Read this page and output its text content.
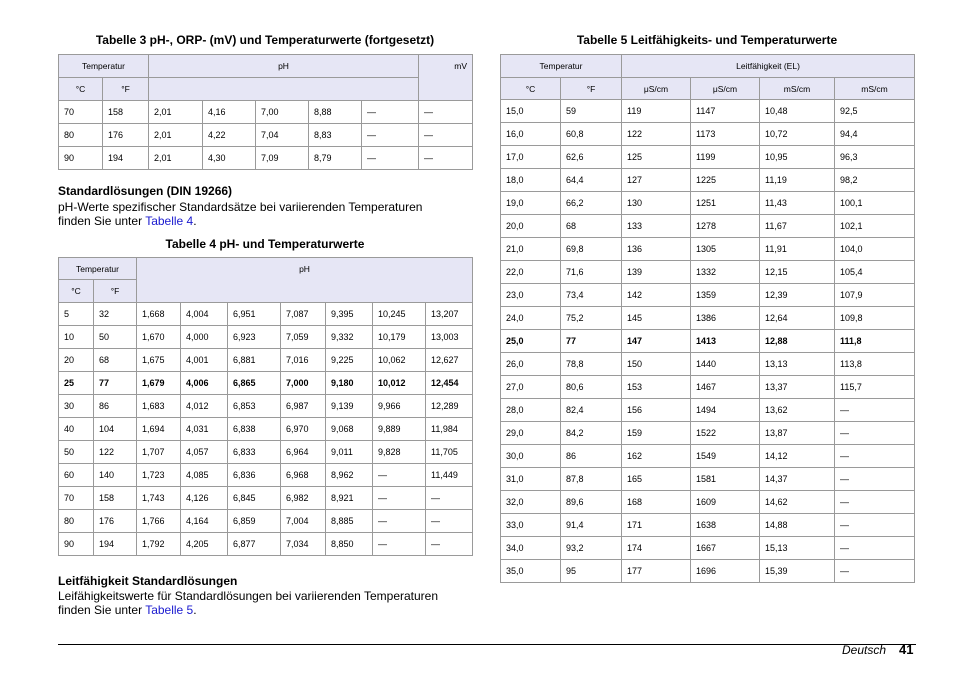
Tabelle 3 pH-, ORP- (mV) und Temperaturwerte (fortgesetzt)
Temperatur		pH					mV
°C	°F						
70	158	2,01	4,16	7,00	8,88	—	—
80	176	2,01	4,22	7,04	8,83	—	—
90	194	2,01	4,30	7,09	8,79	—	—
Standardlösungen (DIN 19266)
pH-Werte spezifischer Standardsätze bei variierenden Temperaturen
finden Sie unter Tabelle 4.
Tabelle 4 pH- und Temperaturwerte
Temperatur		pH						
°C	°F							
5	32	1,668	4,004	6,951	7,087	9,395	10,245	13,207
10	50	1,670	4,000	6,923	7,059	9,332	10,179	13,003
20	68	1,675	4,001	6,881	7,016	9,225	10,062	12,627
25	77	1,679	4,006	6,865	7,000	9,180	10,012	12,454
30	86	1,683	4,012	6,853	6,987	9,139	9,966	12,289
40	104	1,694	4,031	6,838	6,970	9,068	9,889	11,984
50	122	1,707	4,057	6,833	6,964	9,011	9,828	11,705
60	140	1,723	4,085	6,836	6,968	8,962	—	11,449
70	158	1,743	4,126	6,845	6,982	8,921	—	—
80	176	1,766	4,164	6,859	7,004	8,885	—	—
90	194	1,792	4,205	6,877	7,034	8,850	—	—
Leitfähigkeit Standardlösungen
Leifähigkeitswerte für Standardlösungen bei variierenden Temperaturen
finden Sie unter Tabelle 5.
Tabelle 5 Leitfähigkeits- und Temperaturwerte
Temperatur		Leitfähigkeit (EL)			
°C	°F	μS/cm	μS/cm	mS/cm	mS/cm
15,0	59	119	1147	10,48	92,5
16,0	60,8	122	1173	10,72	94,4
17,0	62,6	125	1199	10,95	96,3
18,0	64,4	127	1225	11,19	98,2
19,0	66,2	130	1251	11,43	100,1
20,0	68	133	1278	11,67	102,1
21,0	69,8	136	1305	11,91	104,0
22,0	71,6	139	1332	12,15	105,4
23,0	73,4	142	1359	12,39	107,9
24,0	75,2	145	1386	12,64	109,8
25,0	77	147	1413	12,88	111,8
26,0	78,8	150	1440	13,13	113,8
27,0	80,6	153	1467	13,37	115,7
28,0	82,4	156	1494	13,62	—
29,0	84,2	159	1522	13,87	—
30,0	86	162	1549	14,12	—
31,0	87,8	165	1581	14,37	—
32,0	89,6	168	1609	14,62	—
33,0	91,4	171	1638	14,88	—
34,0	93,2	174	1667	15,13	—
35,0	95	177	1696	15,39	—
Deutsch 41
